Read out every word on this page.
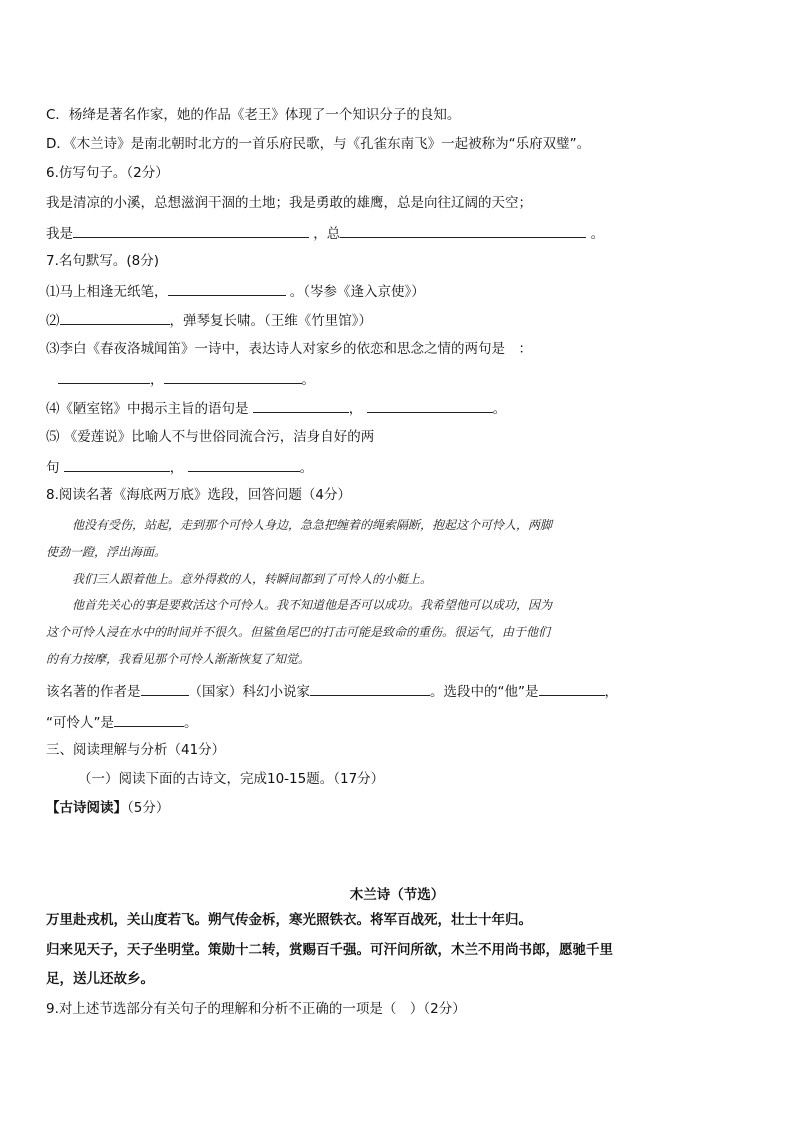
C．杨绛是著名作家，她的作品《老王》体现了一个知识分子的良知。
D．《木兰诗》是南北朝时北方的一首乐府民歌，与《孔雀东南飞》一起被称为“乐府双璧”。
6.仿写句子。（2分）
我是清凉的小溪，总想滋润干涸的土地；我是勇敢的雄鹰，总是向往辽阔的天空；
我是	，总	。
7.名句默写。(8分)
⑴马上相逢无纸笔，	。（岑参《逢入京使》）
⑵	，弹琴复长啸。（王维《竹里馆》）
⑶李白《春夜洛城闻笛》一诗中，表达诗人对家乡的依恋和思念之情的两句是　：
，	。
⑷《陋室铭》中揭示主旨的语句是	，	。
⑸ 《爱莲说》比喻人不与世俗同流合污，洁身自好的两
句	，	。
8.阅读名著《海底两万底》选段，回答问题（4分）
他没有受伤，站起，走到那个可怜人身边，急急把缠着的绳索隔断，抱起这个可怜人，两脚
使劲一蹬，浮出海面。
我们三人跟着他上。意外得救的人，转瞬间都到了可怜人的小艇上。
他首先关心的事是要救活这个可怜人。我不知道他是否可以成功。我希望他可以成功，因为
这个可怜人浸在水中的时间并不很久。但鲨鱼尾巴的打击可能是致命的重伤。很运气，由于他们
的有力按摩，我看见那个可怜人渐渐恢复了知觉。
该名著的作者是	（国家）科幻小说家	。选段中的“他”是	，
“可怜人”是	。
三、阅读理解与分析（41分）
（一）阅读下面的古诗文，完成10-15题。（17分）
【古诗阅读】（5分）
木兰诗（节选）
万里赴戎机，关山度若飞。朔气传金柝，寒光照铁衣。将军百战死，壮士十年归。
归来见天子，天子坐明堂。策勋十二转，赏赐百千强。可汗问所欲，木兰不用尚书郎，愿驰千里
足，送儿还故乡。
9.对上述节选部分有关句子的理解和分析不正确的一项是（　）（2分）
